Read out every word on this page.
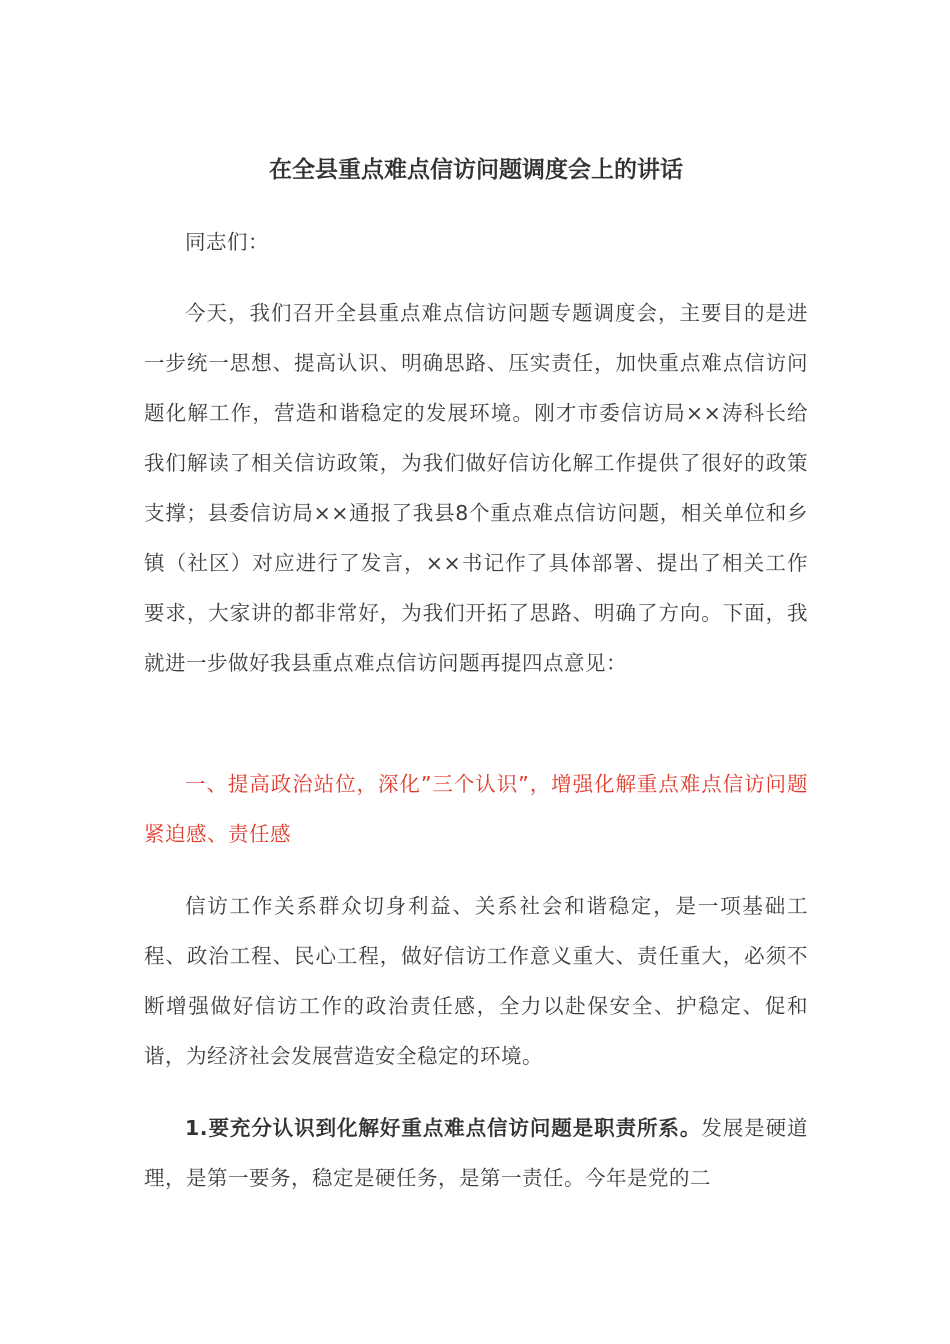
在全县重点难点信访问题调度会上的讲话

同志们：

今天，我们召开全县重点难点信访问题专题调度会，主要目的是进一步统一思想、提高认识、明确思路、压实责任，加快重点难点信访问题化解工作，营造和谐稳定的发展环境。刚才市委信访局××涛科长给我们解读了相关信访政策，为我们做好信访化解工作提供了很好的政策支撑；县委信访局××通报了我县8个重点难点信访问题，相关单位和乡镇（社区）对应进行了发言，××书记作了具体部署、提出了相关工作要求，大家讲的都非常好，为我们开拓了思路、明确了方向。下面，我就进一步做好我县重点难点信访问题再提四点意见：

一、提高政治站位，深化”三个认识”，增强化解重点难点信访问题紧迫感、责任感

信访工作关系群众切身利益、关系社会和谐稳定，是一项基础工程、政治工程、民心工程，做好信访工作意义重大、责任重大，必须不断增强做好信访工作的政治责任感，全力以赴保安全、护稳定、促和谐，为经济社会发展营造安全稳定的环境。

1.要充分认识到化解好重点难点信访问题是职责所系。发展是硬道理，是第一要务，稳定是硬任务，是第一责任。今年是党的二
